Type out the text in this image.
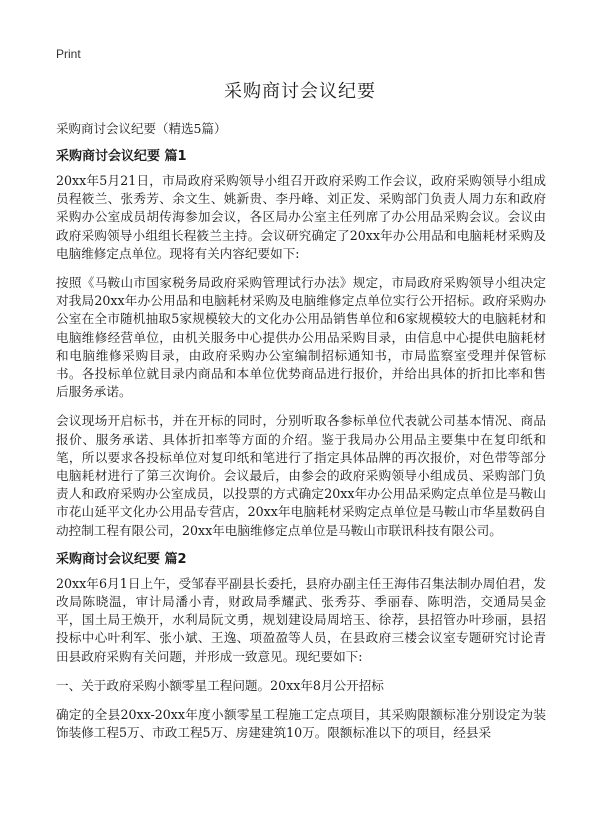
Print
采购商讨会议纪要

采购商讨会议纪要（精选5篇）

采购商讨会议纪要 篇1

20xx年5月21日，市局政府采购领导小组召开政府采购工作会议，政府采购领导小组成员程筱兰、张秀芳、余文生、姚新贵、李丹峰、刘正发、采购部门负责人周力东和政府采购办公室成员胡传海参加会议，各区局办公室主任列席了办公用品采购会议。会议由政府采购领导小组组长程筱兰主持。会议研究确定了20xx年办公用品和电脑耗材采购及电脑维修定点单位。现将有关内容纪要如下:

按照《马鞍山市国家税务局政府采购管理试行办法》规定，市局政府采购领导小组决定对我局20xx年办公用品和电脑耗材采购及电脑维修定点单位实行公开招标。政府采购办公室在全市随机抽取5家规模较大的文化办公用品销售单位和6家规模较大的电脑耗材和电脑维修经营单位，由机关服务中心提供办公用品采购目录，由信息中心提供电脑耗材和电脑维修采购目录，由政府采购办公室编制招标通知书，市局监察室受理并保管标书。各投标单位就目录内商品和本单位优势商品进行报价，并给出具体的折扣比率和售后服务承诺。

会议现场开启标书，并在开标的同时，分别听取各参标单位代表就公司基本情况、商品报价、服务承诺、具体折扣率等方面的介绍。鉴于我局办公用品主要集中在复印纸和笔，所以要求各投标单位对复印纸和笔进行了指定具体品牌的再次报价，对色带等部分电脑耗材进行了第三次询价。会议最后，由参会的政府采购领导小组成员、采购部门负责人和政府采购办公室成员，以投票的方式确定20xx年办公用品采购定点单位是马鞍山市花山延平文化办公用品专营店，20xx年电脑耗材采购定点单位是马鞍山市华星数码自动控制工程有限公司，20xx年电脑维修定点单位是马鞍山市联讯科技有限公司。

采购商讨会议纪要 篇2

20xx年6月1日上午，受邹春平副县长委托，县府办副主任王海伟召集法制办周伯君，发改局陈晓温，审计局潘小青，财政局季耀武、张秀芬、季丽春、陈明浩，交通局吴金平，国土局王焕开，水利局阮文勇，规划建设局周培玉、徐荐，县招管办叶珍丽，县招投标中心叶利军、张小斌、王逸、项盈盈等人员，在县政府三楼会议室专题研究讨论青田县政府采购有关问题，并形成一致意见。现纪要如下:

一、关于政府采购小额零星工程问题。20xx年8月公开招标

确定的全县20xx-20xx年度小额零星工程施工定点项目，其采购限额标准分别设定为装饰装修工程5万、市政工程5万、房建建筑10万。限额标准以下的项目，经县采
